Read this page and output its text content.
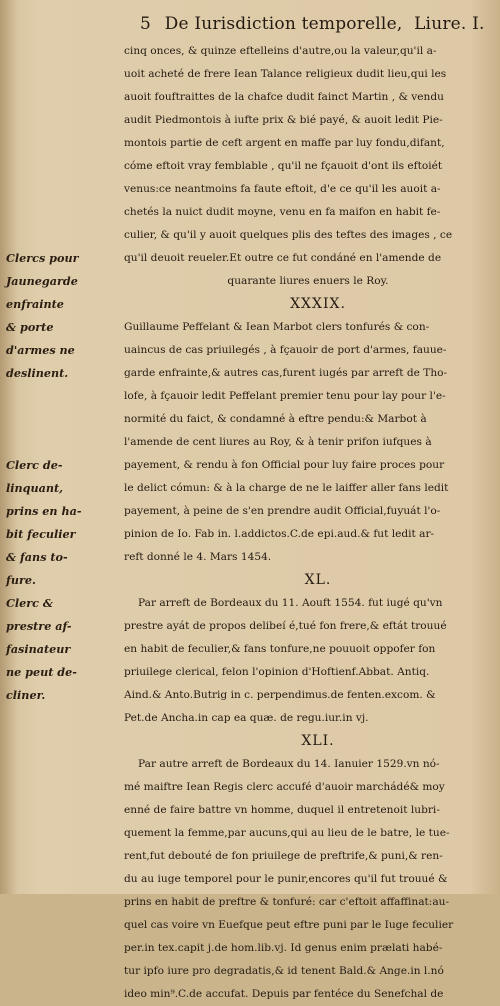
5 De Iurisdiction temporelle, Liure. I.
Clercs pour
Jaunegarde
enfrainte
& porte
d'armes ne
deslinent.
Clerc de-
linquant,
prins en ha-
bit feculier
& fans to-
fure.
Clerc &
prestre af-
fasinateur
ne peut de-
cliner.
cinq onces, & quinze eftelleins d'autre,ou la valeur,qu'il a-
uoit acheté de frere Iean Talance religieux dudit lieu,qui les
auoit fouftraittes de la chafce dudit fainct Martin , & vendu
audit Piedmontois à iufte prix & bié payé, & auoit ledit Pie-
montois partie de ceft argent en maffe par luy fondu,difant,
cóme eftoit vray femblable , qu'il ne fçauoit d'ont ils eftoiét
venus:ce neantmoins fa faute eftoit, d'e ce qu'il les auoit a-
chetés la nuict dudit moyne, venu en fa maifon en habit fe-
culier, & qu'il y auoit quelques plis des teftes des images , ce
qu'il deuoit reueler.Et outre ce fut condáné en l'amende de
quarante liures enuers le Roy.
XXXIX.
Guillaume Peffelant & Iean Marbot clers tonfurés & con-
uaincus de cas priuilegés , à fçauoir de port d'armes, fauue-
garde enfrainte,& autres cas,furent iugés par arreft de Tho-
lofe, à fçauoir ledit Peffelant premier tenu pour lay pour l'e-
normité du faict, & condamné à eftre pendu:& Marbot à
l'amende de cent liures au Roy, & à tenir prifon iufques à
payement, & rendu à fon Official pour luy faire proces pour
le delict cómun: & à la charge de ne le laiffer aller fans ledit
payement, à peine de s'en prendre audit Official,fuyuát l'o-
pinion de Io. Fab in. l.addictos.C.de epi.aud.& fut ledit ar-
reft donné le 4. Mars 1454.
XL.
Par arreft de Bordeaux du 11. Aouft 1554. fut iugé qu'vn
prestre ayát de propos delibeí é,tué fon frere,& eftát trouué
en habit de feculier,& fans tonfure,ne pouuoit oppofer fon
priuilege clerical, felon l'opinion d'Hoftienf.Abbat. Antiq.
Aind.& Anto.Butrig in c. perpendimus.de fenten.excom. &
Pet.de Ancha.in cap ea quæ. de regu.iur.in vj.
XLI.
Par autre arreft de Bordeaux du 14. Ianuier 1529.vn nó-
mé maiftre Iean Regis clerc accufé d'auoir marchádé& moy
enné de faire battre vn homme, duquel il entretenoit lubri-
quement la femme,par aucuns,qui au lieu de le batre, le tue-
rent,fut debouté de fon priuilege de preftrife,& puni,& ren-
du au iuge temporel pour le punir,encores qu'il fut trouué &
prins en habit de preftre & tonfuré: car c'eftoit affaffinat:au-
quel cas voire vn Euefque peut eftre puni par le Iuge feculier
per.in tex.capit j.de hom.lib.vj. Id genus enim prælati habé-
tur ipfo iure pro degradatis,& id tenent Bald.& Ange.in l.nó
ideo min⁹.C.de accufat. Depuis par fentéce du Senefchal de
